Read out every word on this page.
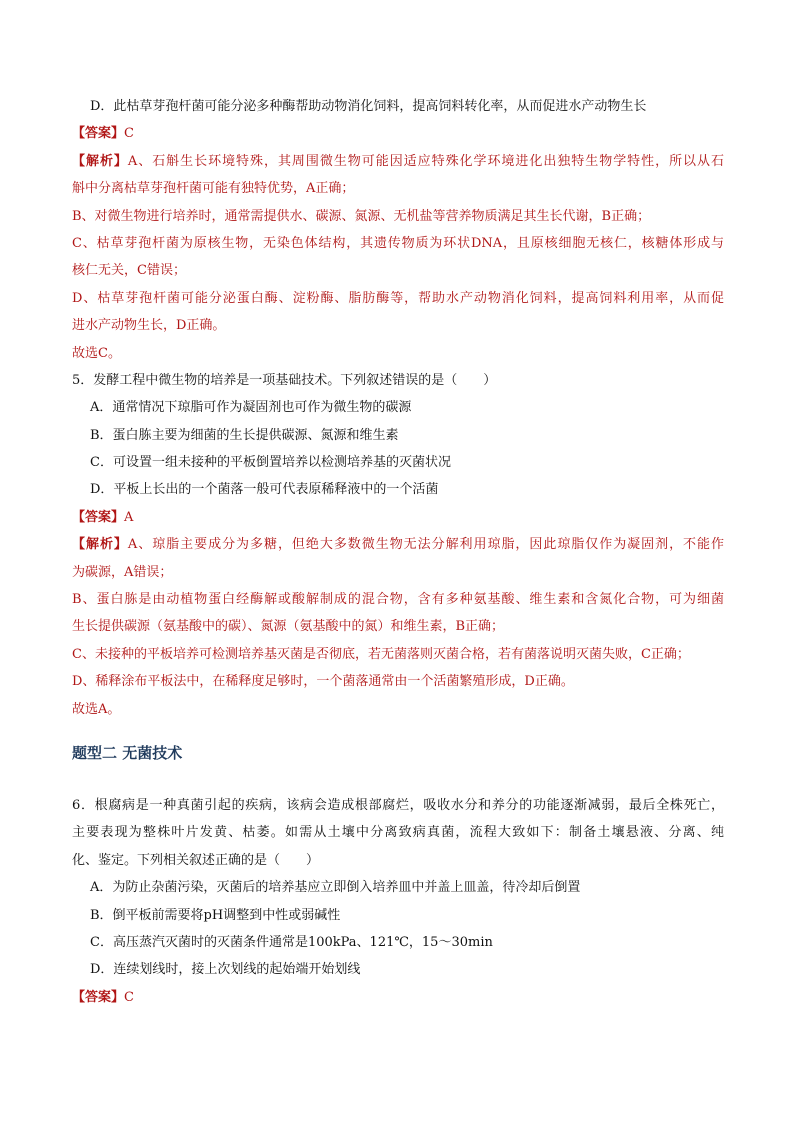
D．此枯草芽孢杆菌可能分泌多种酶帮助动物消化饲料，提高饲料转化率，从而促进水产动物生长
【答案】C
【解析】A、石斛生长环境特殊，其周围微生物可能因适应特殊化学环境进化出独特生物学特性，所以从石
斛中分离枯草芽孢杆菌可能有独特优势，A正确；
B、对微生物进行培养时，通常需提供水、碳源、氮源、无机盐等营养物质满足其生长代谢，B正确；
C、枯草芽孢杆菌为原核生物，无染色体结构，其遗传物质为环状DNA，且原核细胞无核仁，核糖体形成与
核仁无关，C错误；
D、枯草芽孢杆菌可能分泌蛋白酶、淀粉酶、脂肪酶等，帮助水产动物消化饲料，提高饲料利用率，从而促
进水产动物生长，D正确。
故选C。
5．发酵工程中微生物的培养是一项基础技术。下列叙述错误的是（　　）
A．通常情况下琼脂可作为凝固剂也可作为微生物的碳源
B．蛋白胨主要为细菌的生长提供碳源、氮源和维生素
C．可设置一组未接种的平板倒置培养以检测培养基的灭菌状况
D．平板上长出的一个菌落一般可代表原稀释液中的一个活菌
【答案】A
【解析】A、琼脂主要成分为多糖，但绝大多数微生物无法分解利用琼脂，因此琼脂仅作为凝固剂，不能作
为碳源，A错误；
B、蛋白胨是由动植物蛋白经酶解或酸解制成的混合物，含有多种氨基酸、维生素和含氮化合物，可为细菌
生长提供碳源（氨基酸中的碳）、氮源（氨基酸中的氮）和维生素，B正确；
C、未接种的平板培养可检测培养基灭菌是否彻底，若无菌落则灭菌合格，若有菌落说明灭菌失败，C正确；
D、稀释涂布平板法中，在稀释度足够时，一个菌落通常由一个活菌繁殖形成，D正确。
故选A。
题型二 无菌技术
6．根腐病是一种真菌引起的疾病，该病会造成根部腐烂，吸收水分和养分的功能逐渐减弱，最后全株死亡，
主要表现为整株叶片发黄、枯萎。如需从土壤中分离致病真菌，流程大致如下：制备土壤悬液、分离、纯
化、鉴定。下列相关叙述正确的是（　　）
A．为防止杂菌污染，灭菌后的培养基应立即倒入培养皿中并盖上皿盖，待冷却后倒置
B．倒平板前需要将pH调整到中性或弱碱性
C．高压蒸汽灭菌时的灭菌条件通常是100kPa、121℃，15～30min
D．连续划线时，接上次划线的起始端开始划线
【答案】C
